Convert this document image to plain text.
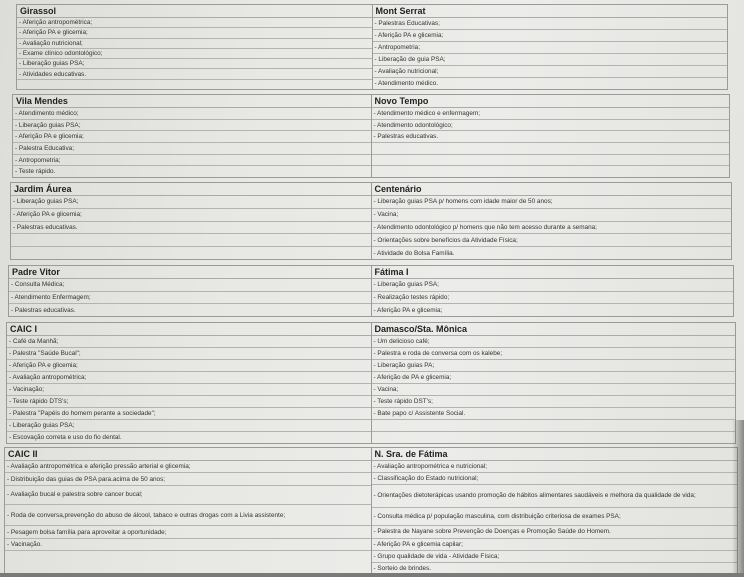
Girassol
- Aferição antropométrica;
- Aferição PA e glicemia;
- Avaliação nutricional;
- Exame clínico odontológico;
- Liberação guias PSA;
- Atividades educativas.
Mont Serrat
- Palestras Educativas;
- Aferição PA e glicemia;
- Antropometria;
- Liberação de guia PSA;
- Avaliação nutricional;
- Atendimento médico.
Vila Mendes
- Atendimento médico;
- Liberação guias PSA;
- Aferição PA e glicemia;
- Palestra Educativa;
- Antropometria;
- Teste rápido.
Novo Tempo
- Atendimento médico e enfermagem;
- Atendimento odontológico;
- Palestras educativas.
Jardim Áurea
- Liberação guias PSA;
- Aferição PA e glicemia;
- Palestras educativas.
Centenário
- Liberação guias PSA p/ homens com idade maior de 50 anos;
- Vacina;
- Atendimento odontológico p/ homens que não tem acesso durante a semana;
- Orientações sobre benefícios da Atividade Física;
- Atividade do Bolsa Família.
Padre Vitor
- Consulta Médica;
- Atendimento Enfermagem;
- Palestras educativas.
Fátima I
- Liberação guias PSA;
- Realização testes rápido;
- Aferição PA e glicemia;
CAIC I
- Café da Manhã;
- Palestra "Saúde Bucal";
- Aferição PA e glicemia;
- Avaliação antropométrica;
- Vacinação;
- Teste rápido DTS's;
- Palestra "Papéis do homem perante a sociedade";
- Liberação guias PSA;
- Escovação correta e uso do fio dental.
Damasco/Sta. Mônica
- Um delicioso café;
- Palestra e roda de conversa com os kalebe;
- Liberação guias PA;
- Aferição de PA e glicemia;
- Vacina;
- Teste rápido DST's;
- Bate papo c/ Assistente Social.
CAIC II
- Avaliação antropométrica e aferição pressão arterial e glicemia;
- Distribuição das guias de PSA para.acima de 50 anos;
- Avaliação bucal e palestra sobre cancer bucal;
- Roda de conversa,prevenção do abuso de álcool, tabaco e outras drogas com a Livia assistente;
- Pesagem bolsa família para aproveitar a oportunidade;
- Vacinação.
N. Sra. de Fátima
- Avaliação antropométrica e nutricional;
- Classificação do Estado nutricional;
- Orientações dietoterápicas usando promoção de hábitos alimentares saudáveis e melhora da qualidade de vida;
- Consulta médica p/ população masculina, com distribuição criteriosa de exames PSA;
- Palestra de Nayane sobre Prevenção de Doenças e Promoção Saúde do Homem.
- Aferição PA e glicemia capilar;
- Grupo qualidade de vida - Atividade Física;
- Sorteio de brindes.
